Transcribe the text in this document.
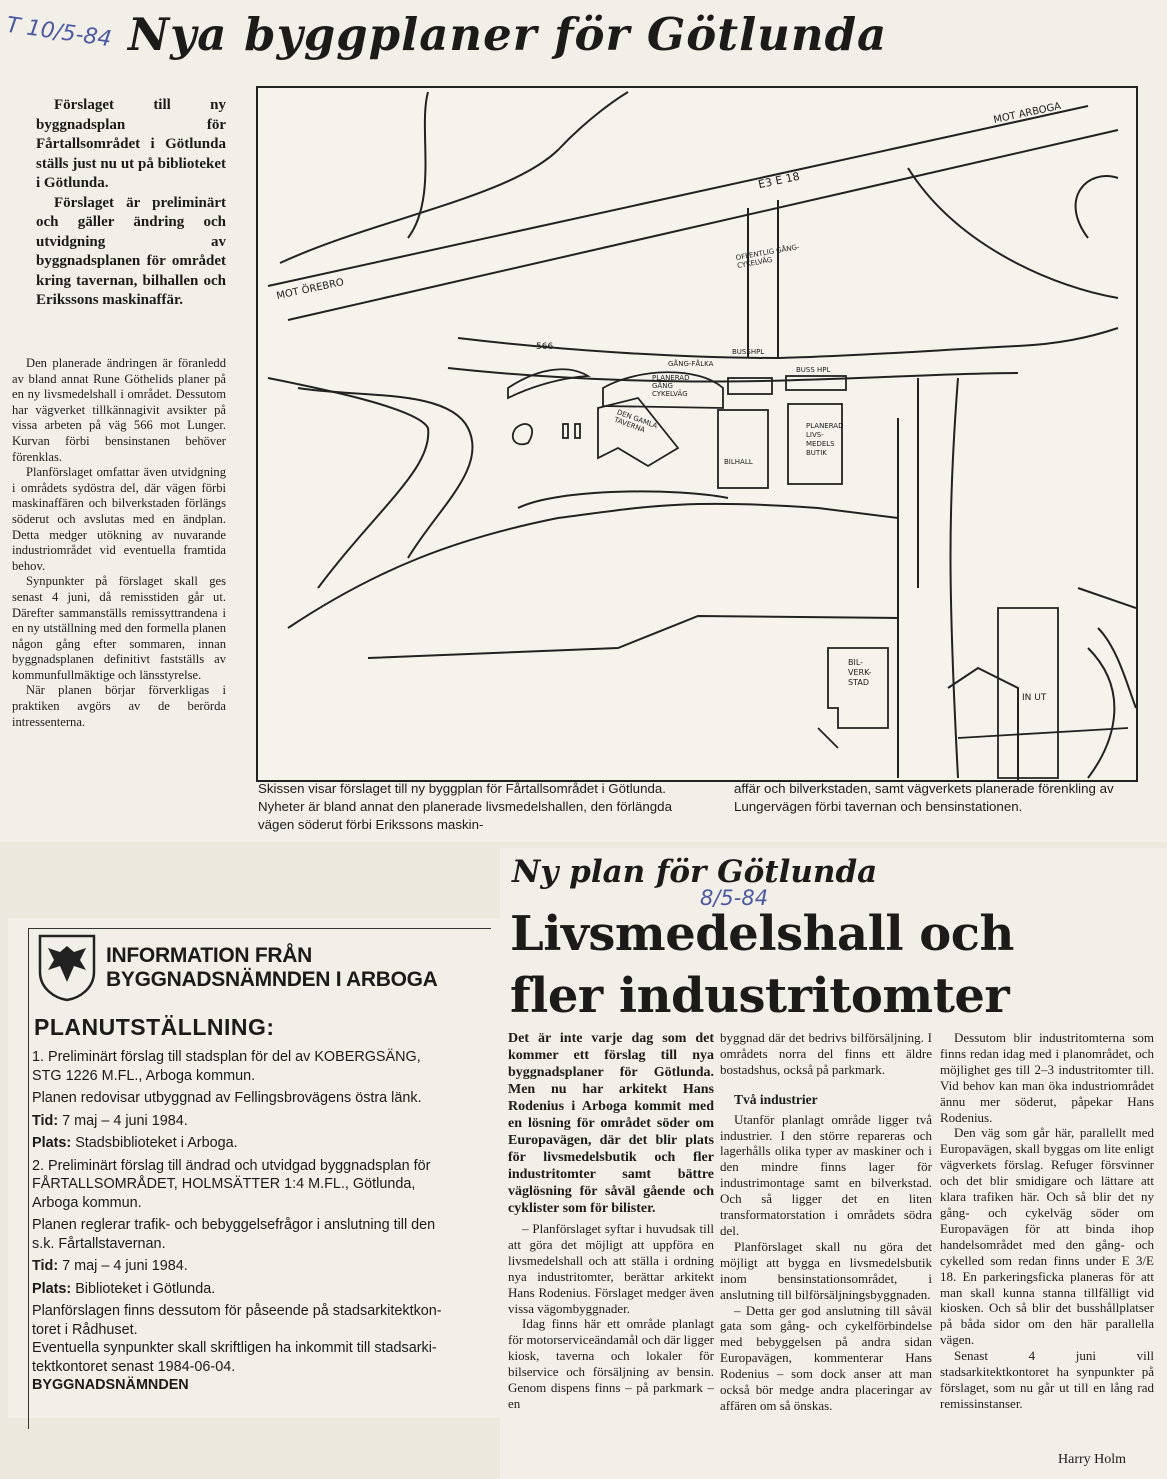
T 10/5-84 Nya byggplaner för Götlunda

Förslaget till ny byggnadsplan för Fårtallsområdet i Götlunda ställs just nu ut på biblioteket i Götlunda.

Förslaget är preliminärt och gäller ändring och utvidgning av byggnadsplanen för området kring tavernan, bilhallen och Erikssons maskinaffär.

Den planerade ändringen är föranledd av bland annat Rune Göthelids planer på en ny livsmedelshall i området. Dessutom har vägverket tillkännagivit avsikter på vissa arbeten på väg 566 mot Lunger. Kurvan förbi bensinstanen behöver förenklas.

Planförslaget omfattar även utvidgning i områdets sydöstra del, där vägen förbi maskinaffären och bilverkstaden förlängs söderut och avslutas med en ändplan. Detta medger utökning av nuvarande industriområdet vid eventuella framtida behov.

Synpunkter på förslaget skall ges senast 4 juni, då remisstiden går ut. Därefter sammanställs remissyttrandena i en ny utställning med den formella planen någon gång efter sommaren, innan byggnadsplanen definitivt fastställs av kommunfullmäktige och länsstyrelse.

När planen börjar förverkligas i praktiken avgörs av de berörda intressenterna.

MOT ARBOGA
E3 E 18
MOT ÖREBRO
566
OFFENTLIG GÅNG- CYKELVÄG
GÅNG-FÅLKA
BUSSHPL
BUSS HPL
PLANERAD GÅNG CYKELVÄG
DEN GAMLA TAVERNA
BILHALL
PLANERAD LIVS- MEDELS BUTIK
BIL- VERK- STAD
IN UT
Skissen visar förslaget till ny byggplan för Fårtallsområdet i Götlunda. Nyheter är bland annat den planerade livsmedelshallen, den förlängda vägen söderut förbi Erikssons maskin-
affär och bilverkstaden, samt vägverkets planerade förenkling av Lungervägen förbi tavernan och bensinstationen.
INFORMATION FRÅN
BYGGNADSNÄMNDEN I ARBOGA
PLANUTSTÄLLNING:
1. Preliminärt förslag till stadsplan för del av KOBERGSÄNG,
STG 1226 M.FL., Arboga kommun.
Planen redovisar utbyggnad av Fellingsbrovägens östra länk.
Tid: 7 maj – 4 juni 1984.
Plats: Stadsbiblioteket i Arboga.
2. Preliminärt förslag till ändrad och utvidgad byggnadsplan för
FÅRTALLSOMRÅDET, HOLMSÄTTER 1:4 M.FL., Götlunda,
Arboga kommun.
Planen reglerar trafik- och bebyggelsefrågor i anslutning till den
s.k. Fårtallstavernan.
Tid: 7 maj – 4 juni 1984.
Plats: Biblioteket i Götlunda.
Planförslagen finns dessutom för påseende på stadsarkitektkon-
toret i Rådhuset.
Eventuella synpunkter skall skriftligen ha inkommit till stadsarki-
tektkontoret senast 1984-06-04.
BYGGNADSNÄMNDEN
Ny plan för Götlunda
8/5-84
Livsmedelshall och
fler industritomter

Det är inte varje dag som det kommer ett förslag till nya byggnadsplaner för Götlunda. Men nu har arkitekt Hans Rodenius i Arboga kommit med en lösning för området söder om Europavägen, där det blir plats för livsmedelsbutik och fler industritomter samt bättre väglösning för såväl gående och cyklister som för bilister.

– Planförslaget syftar i huvudsak till att göra det möjligt att uppföra en livsmedelshall och att ställa i ordning nya industritomter, berättar arkitekt Hans Rodenius. Förslaget medger även vissa vägombyggnader.

Idag finns här ett område planlagt för motorserviceändamål och där ligger kiosk, taverna och lokaler för bilservice och försäljning av bensin. Genom dispens finns – på parkmark – en

byggnad där det bedrivs bilförsäljning. I områdets norra del finns ett äldre bostadshus, också på parkmark.

Två industrier

Utanför planlagt område ligger två industrier. I den större repareras och lagerhålls olika typer av maskiner och i den mindre finns lager för industrimontage samt en bilverkstad. Och så ligger det en liten transformatorstation i områdets södra del.

Planförslaget skall nu göra det möjligt att bygga en livsmedelsbutik inom bensinstationsområdet, i anslutning till bilförsäljningsbyggnaden.

– Detta ger god anslutning till såväl gata som gång- och cykelförbindelse med bebyggelsen på andra sidan Europavägen, kommenterar Hans Rodenius – som dock anser att man också bör medge andra placeringar av affären om så önskas.

Dessutom blir industritomterna som finns redan idag med i planområdet, och möjlighet ges till 2–3 industritomter till. Vid behov kan man öka industriområdet ännu mer söderut, påpekar Hans Rodenius.

Den väg som går här, parallellt med Europavägen, skall byggas om lite enligt vägverkets förslag. Refuger försvinner och det blir smidigare och lättare att klara trafiken här. Och så blir det ny gång- och cykelväg söder om Europavägen för att binda ihop handelsområdet med den gång- och cykelled som redan finns under E 3/E 18. En parkeringsficka planeras för att man skall kunna stanna tillfälligt vid kiosken. Och så blir det busshållplatser på båda sidor om den här parallella vägen.

Senast 4 juni vill stadsarkitektkontoret ha synpunkter på förslaget, som nu går ut till en lång rad remissinstanser.

Harry Holm
